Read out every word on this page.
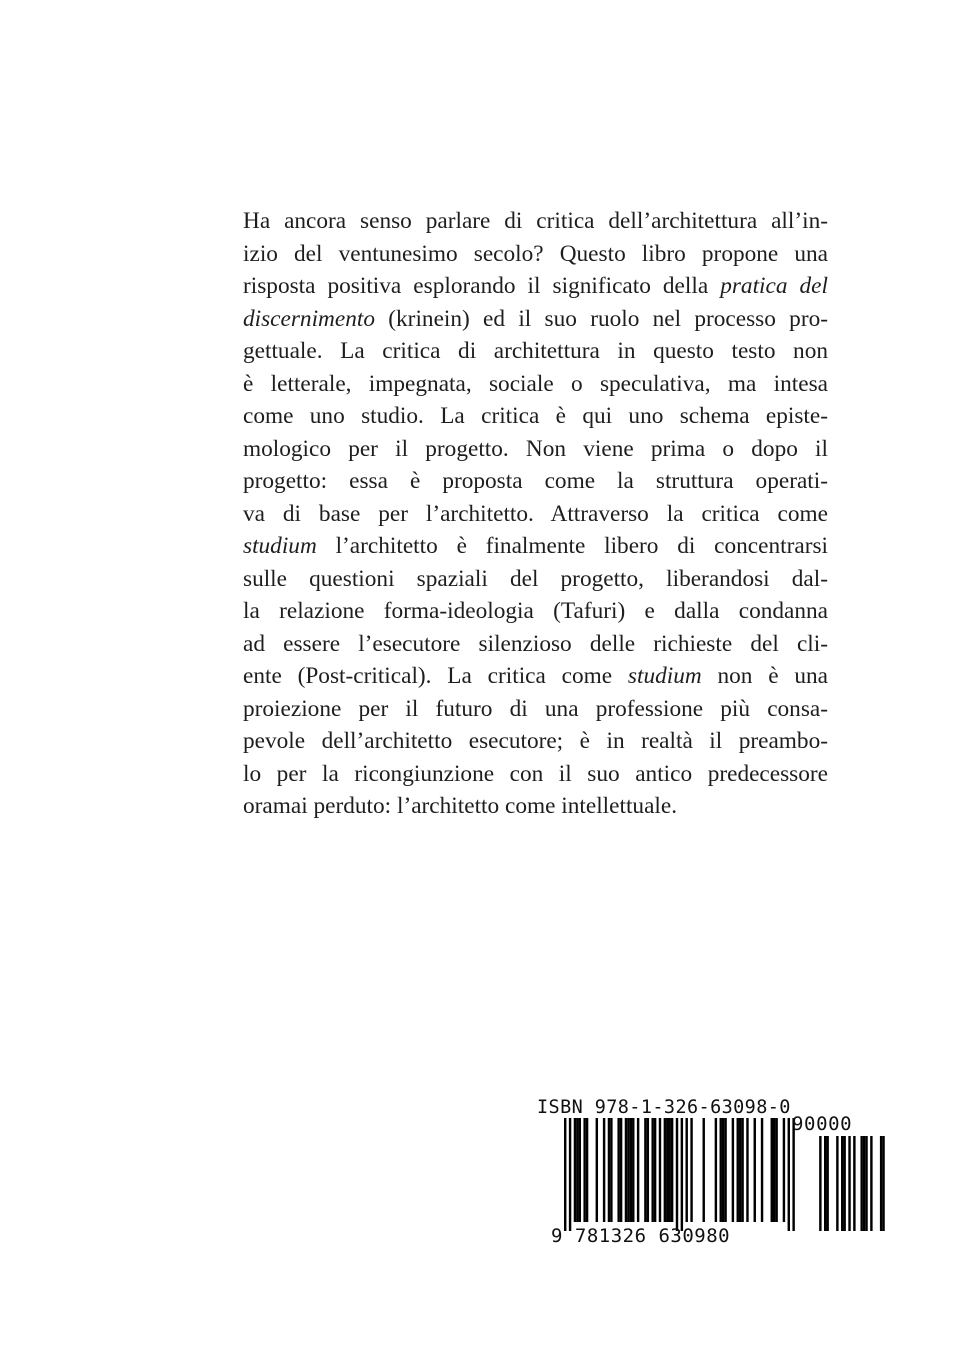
Ha ancora senso parlare di critica dell’architettura all’in-
izio del ventunesimo secolo? Questo libro propone una
risposta positiva esplorando il significato della pratica del
discernimento (krinein) ed il suo ruolo nel processo pro-
gettuale. La critica di architettura in questo testo non
è letterale, impegnata, sociale o speculativa, ma intesa
come uno studio. La critica è qui uno schema episte-
mologico per il progetto. Non viene prima o dopo il
progetto: essa è proposta come la struttura operati-
va di base per l’architetto. Attraverso la critica come
studium l’architetto è finalmente libero di concentrarsi
sulle questioni spaziali del progetto, liberandosi dal-
la relazione forma-ideologia (Tafuri) e dalla condanna
ad essere l’esecutore silenzioso delle richieste del cli-
ente (Post-critical). La critica come studium non è una
proiezione per il futuro di una professione più consa-
pevole dell’architetto esecutore; è in realtà il preambo-
lo per la ricongiunzione con il suo antico predecessore
oramai perduto: l’architetto come intellettuale.

ISBN 978-1-326-63098-0
90000
9 781326 630980
